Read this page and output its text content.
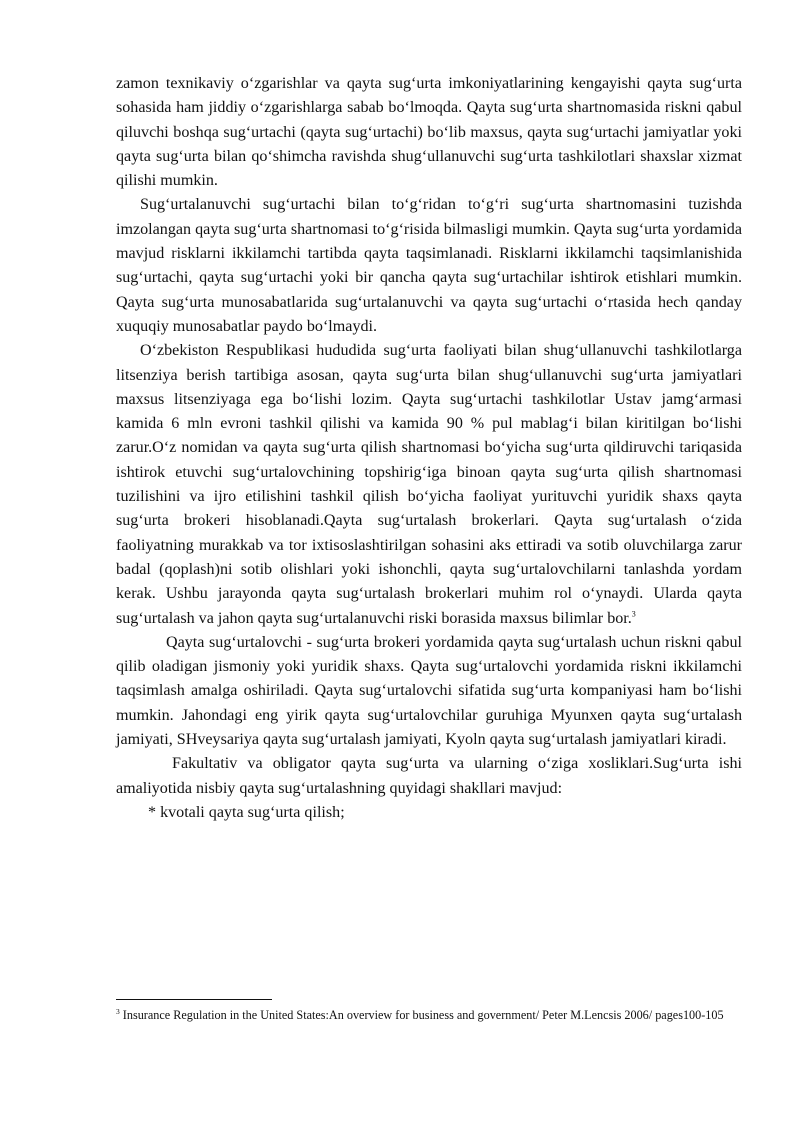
zamon texnikaviy o‘zgarishlar va qayta sug‘urta imkoniyatlarining kengayishi qayta sug‘urta sohasida ham jiddiy o‘zgarishlarga sabab bo‘lmoqda. Qayta sug‘urta shartnomasida riskni qabul qiluvchi boshqa sug‘urtachi (qayta sug‘urtachi) bo‘lib maxsus, qayta sug‘urtachi jamiyatlar yoki qayta sug‘urta bilan qo‘shimcha ravishda shug‘ullanuvchi sug‘urta tashkilotlari shaxslar xizmat qilishi mumkin.

Sug‘urtalanuvchi sug‘urtachi bilan to‘g‘ridan to‘g‘ri sug‘urta shartnomasini tuzishda imzolangan qayta sug‘urta shartnomasi to‘g‘risida bilmasligi mumkin. Qayta sug‘urta yordamida mavjud risklarni ikkilamchi tartibda qayta taqsimlanadi. Risklarni ikkilamchi taqsimlanishida sug‘urtachi, qayta sug‘urtachi yoki bir qancha qayta sug‘urtachilar ishtirok etishlari mumkin. Qayta sug‘urta munosabatlarida sug‘urtalanuvchi va qayta sug‘urtachi o‘rtasida hech qanday xuquqiy munosabatlar paydo bo‘lmaydi.

O‘zbekiston Respublikasi hududida sug‘urta faoliyati bilan shug‘ullanuvchi tashkilotlarga litsenziya berish tartibiga asosan, qayta sug‘urta bilan shug‘ullanuvchi sug‘urta jamiyatlari maxsus litsenziyaga ega bo‘lishi lozim. Qayta sug‘urtachi tashkilotlar Ustav jamg‘armasi kamida 6 mln evroni tashkil qilishi va kamida 90 % pul mablag‘i bilan kiritilgan bo‘lishi zarur.O‘z nomidan va qayta sug‘urta qilish shartnomasi bo‘yicha sug‘urta qildiruvchi tariqasida ishtirok etuvchi sug‘urtalovchining topshirig‘iga binoan qayta sug‘urta qilish shartnomasi tuzilishini va ijro etilishini tashkil qilish bo‘yicha faoliyat yurituvchi yuridik shaxs qayta sug‘urta brokeri hisoblanadi.Qayta sug‘urtalash brokerlari. Qayta sug‘urtalash o‘zida faoliyatning murakkab va tor ixtisoslashtirilgan sohasini aks ettiradi va sotib oluvchilarga zarur badal (qoplash)ni sotib olishlari yoki ishonchli, qayta sug‘urtalovchilarni tanlashda yordam kerak. Ushbu jarayonda qayta sug‘urtalash brokerlari muhim rol o‘ynaydi. Ularda qayta sug‘urtalash va jahon qayta sug‘urtalanuvchi riski borasida maxsus bilimlar bor.$^3$

Qayta sug‘urtalovchi - sug‘urta brokeri yordamida qayta sug‘urtalash uchun riskni qabul qilib oladigan jismoniy yoki yuridik shaxs. Qayta sug‘urtalovchi yordamida riskni ikkilamchi taqsimlash amalga oshiriladi. Qayta sug‘urtalovchi sifatida sug‘urta kompaniyasi ham bo‘lishi mumkin. Jahondagi eng yirik qayta sug‘urtalovchilar guruhiga Myunxen qayta sug‘urtalash jamiyati, SHveysariya qayta sug‘urtalash jamiyati, Kyoln qayta sug‘urtalash jamiyatlari kiradi.

Fakultativ va obligator qayta sug‘urta va ularning o‘ziga xosliklari.Sug‘urta ishi amaliyotida nisbiy qayta sug‘urtalashning quyidagi shakllari mavjud:

* kvotali qayta sug‘urta qilish;

$^3$ Insurance Regulation in the United States:An overview for business and government/ Peter M.Lencsis 2006/ pages100-105
